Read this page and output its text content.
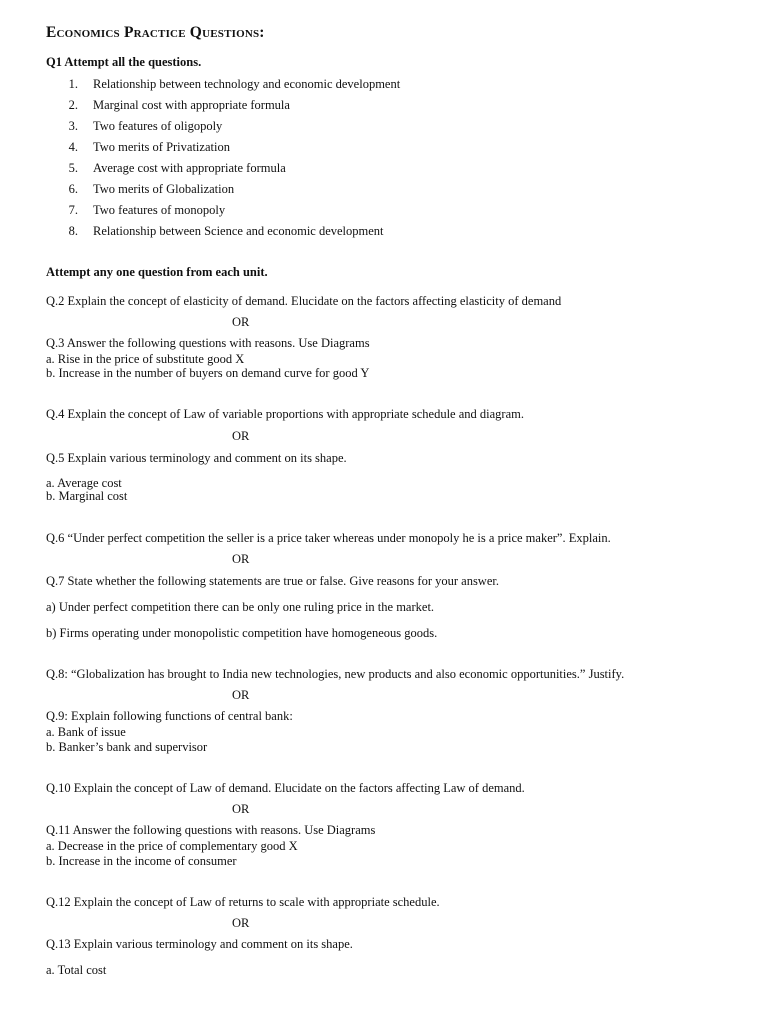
Economics Practice Questions:
Q1 Attempt all the questions.
1. Relationship between technology and economic development
2. Marginal cost with appropriate formula
3. Two features of oligopoly
4. Two merits of Privatization
5. Average cost with appropriate formula
6. Two merits of Globalization
7. Two features of monopoly
8. Relationship between Science and economic development
Attempt any one question from each unit.
Q.2 Explain the concept of elasticity of demand. Elucidate on the factors affecting elasticity of demand
OR
Q.3 Answer the following questions with reasons. Use Diagrams
a. Rise in the price of substitute good X
b. Increase in the number of buyers on demand curve for good Y
Q.4 Explain the concept of Law of variable proportions with appropriate schedule and diagram.
OR
Q.5 Explain various terminology and comment on its shape.
a. Average cost
b. Marginal cost
Q.6 “Under perfect competition the seller is a price taker whereas under monopoly he is a price maker”. Explain.
OR
Q.7 State whether the following statements are true or false. Give reasons for your answer.
a) Under perfect competition there can be only one ruling price in the market.
b) Firms operating under monopolistic competition have homogeneous goods.
Q.8: “Globalization has brought to India new technologies, new products and also economic opportunities.” Justify.
OR
Q.9: Explain following functions of central bank:
a. Bank of issue
b. Banker’s bank and supervisor
Q.10 Explain the concept of Law of demand. Elucidate on the factors affecting Law of demand.
OR
Q.11 Answer the following questions with reasons. Use Diagrams
a. Decrease in the price of complementary good X
b. Increase in the income of consumer
Q.12 Explain the concept of Law of returns to scale with appropriate schedule.
OR
Q.13 Explain various terminology and comment on its shape.
a. Total cost
